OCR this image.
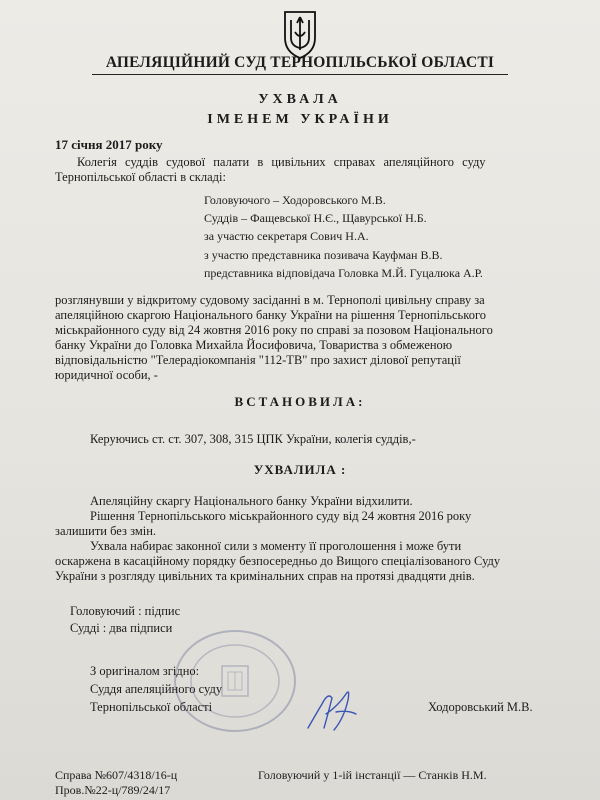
АПЕЛЯЦІЙНИЙ СУД ТЕРНОПІЛЬСЬКОЇ ОБЛАСТІ

УХВАЛА

ІМЕНЕМ УКРАЇНИ

17 січня 2017 року

Колегія суддів судової палати в цивільних справах апеляційного суду

Тернопільської області в складі:

Головуючого – Ходоровського М.В.

Суддів – Фащевської Н.Є., Щавурської Н.Б.

за участю секретаря Сович Н.А.

з участю представника позивача Кауфман В.В.

представника відповідача Головка М.Й. Гуцалюка А.Р.

розглянувши у відкритому судовому засіданні в м. Тернополі цивільну справу за
апеляційною скаргою Національного банку України на рішення Тернопільського
міськрайонного суду від 24 жовтня 2016 року по справі за позовом Національного
банку України до Головка Михайла Йосифовича, Товариства з обмеженою
відповідальністю "Телерадіокомпанія "112-ТВ" про захист ділової репутації
юридичної особи, -

ВСТАНОВИЛА:

Керуючись ст. ст. 307, 308, 315 ЦПК України, колегія суддів,-

УХВАЛИЛА :

Апеляційну скаргу Національного банку України відхилити.
Рішення Тернопільського міськрайонного суду від 24 жовтня 2016 року
залишити без змін.
Ухвала набирає законної сили з моменту її проголошення і може бути
оскаржена в касаційному порядку безпосередньо до Вищого спеціалізованого Суду
України з розгляду цивільних та кримінальних справ на протязі двадцяти днів.

Головуючий : підпис

Судді : два підписи

З оригіналом згідно:

Суддя апеляційного суду

Тернопільської області	Ходоровський М.В.

Справа №607/4318/16-ц

Пров.№22-ц/789/24/17

Головуючий у 1-ій інстанції — Станків Н.М.
